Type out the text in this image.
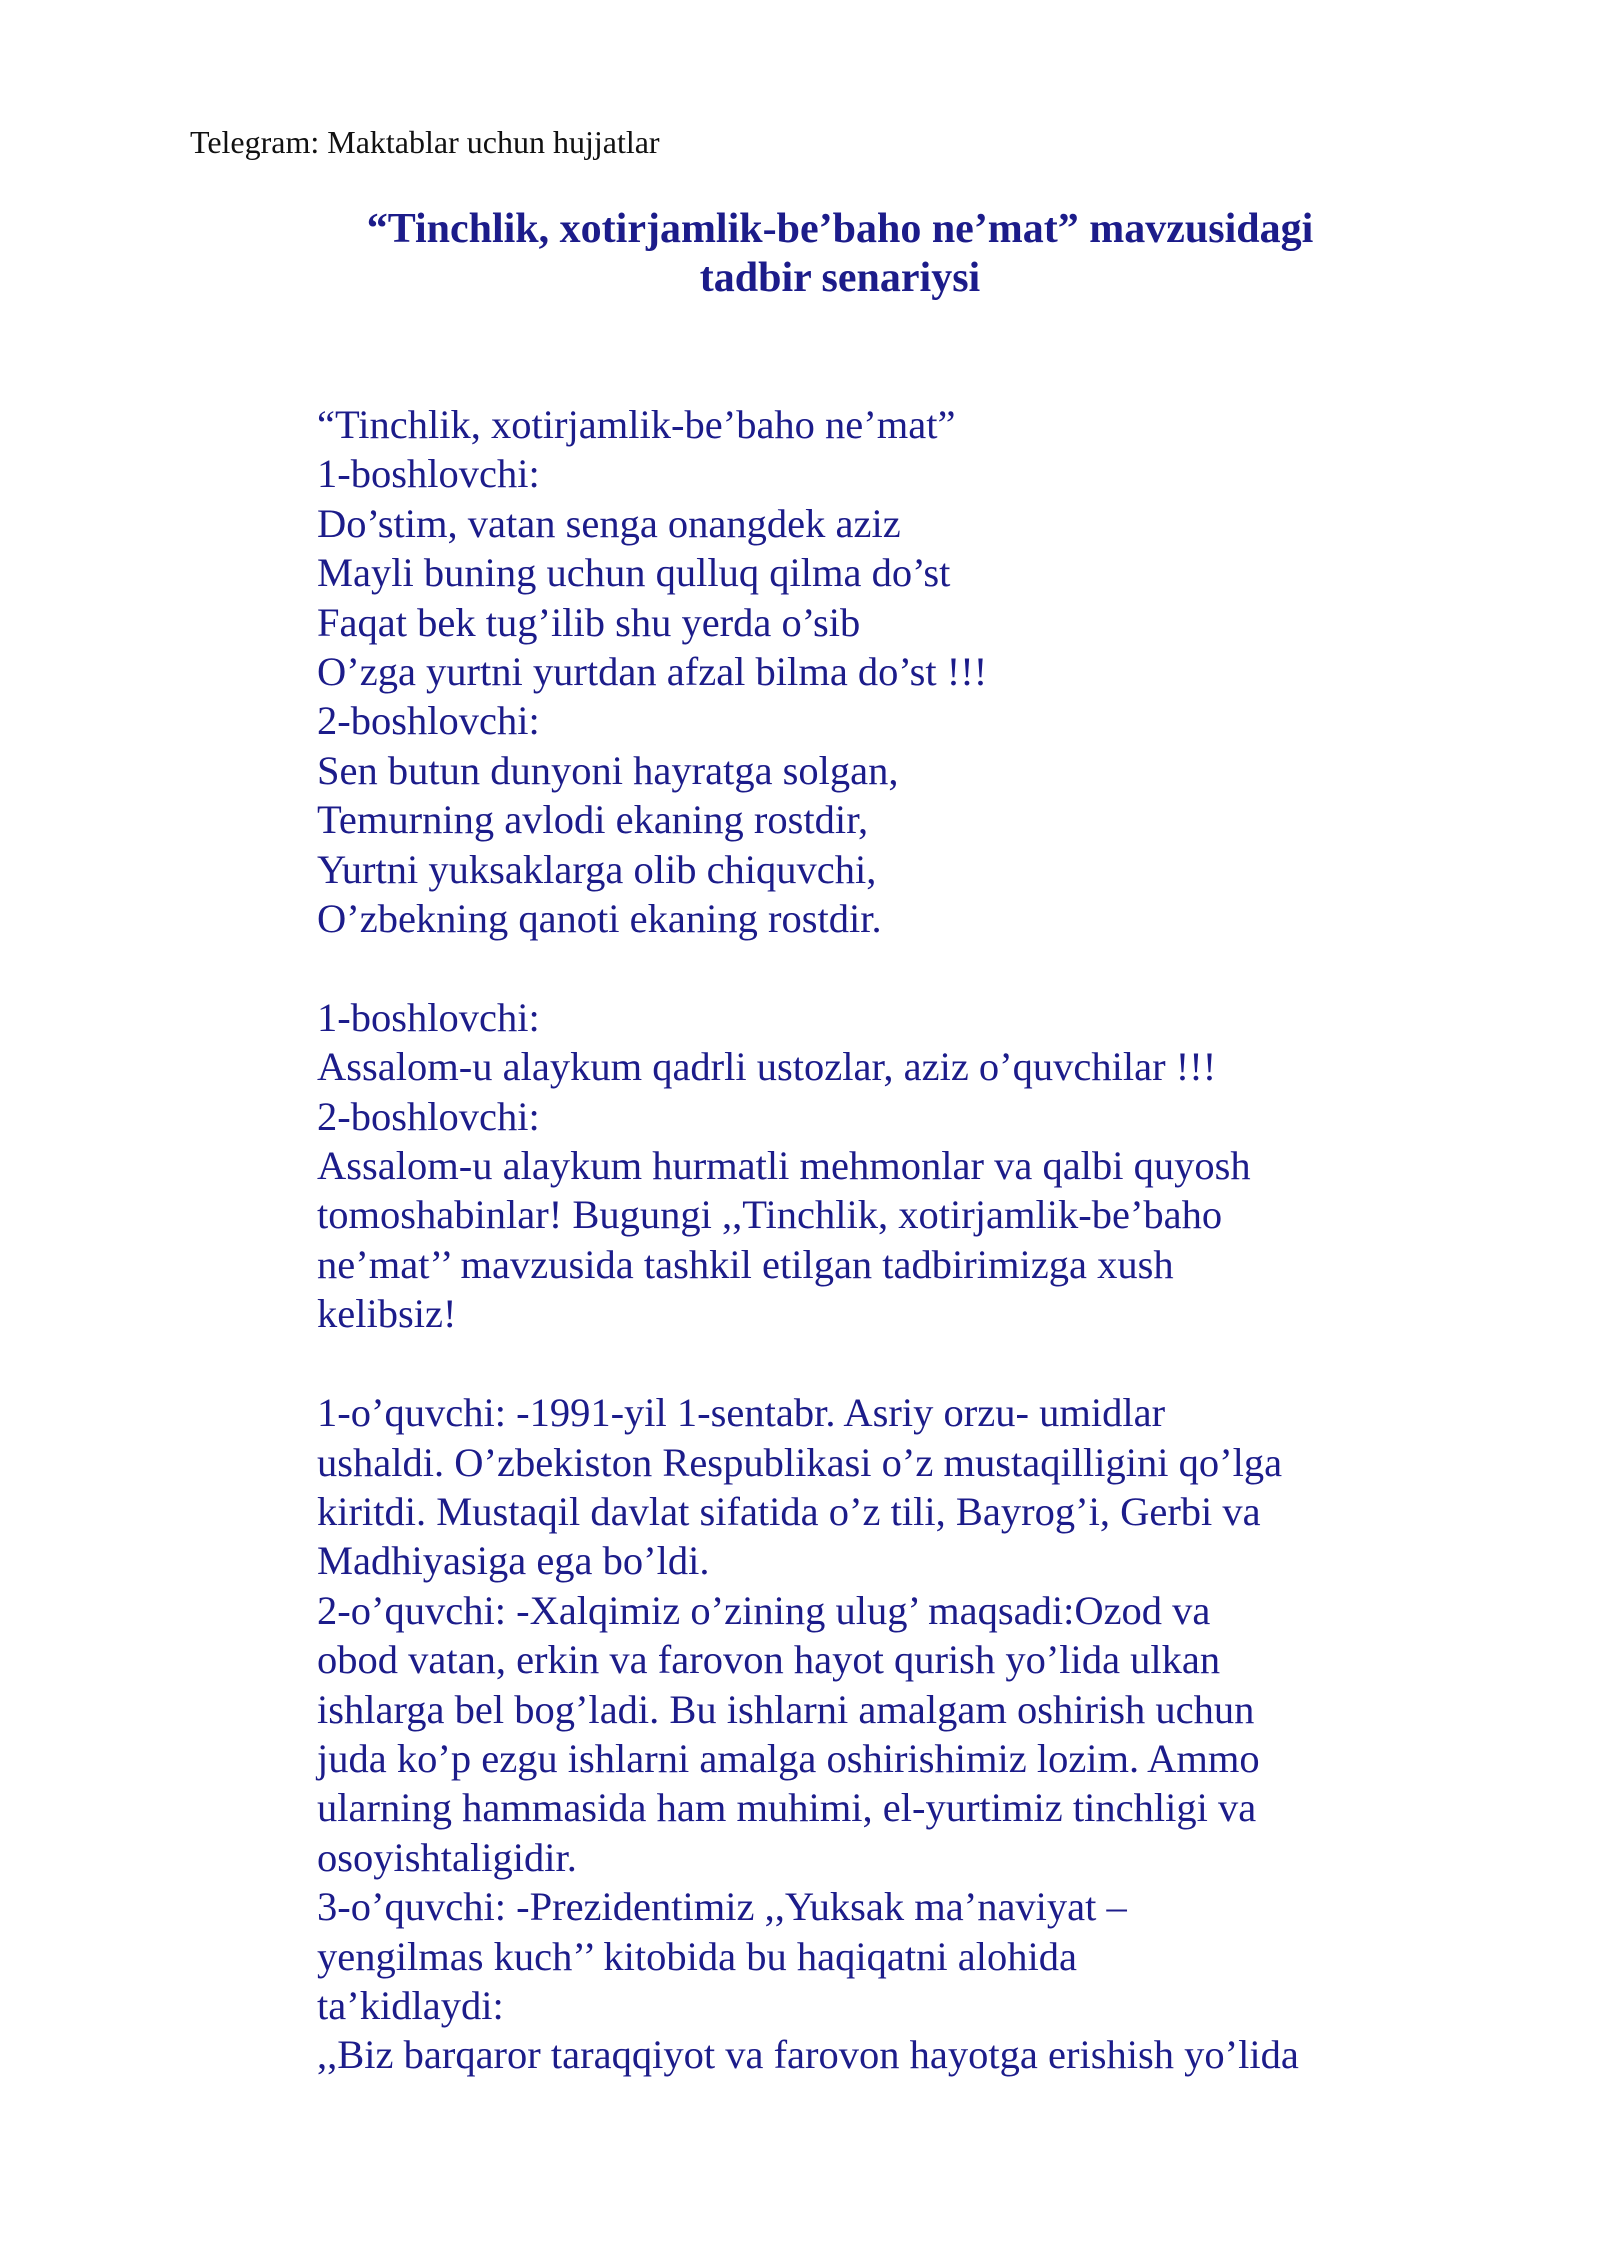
Telegram: Maktablar uchun hujjatlar
“Tinchlik, xotirjamlik-be’baho ne’mat” mavzusidagi
tadbir senariysi
“Tinchlik, xotirjamlik-be’baho ne’mat”
1-boshlovchi:
Do’stim, vatan senga onangdek aziz
Mayli buning uchun qulluq qilma do’st
Faqat bek tug’ilib shu yerda o’sib
O’zga yurtni yurtdan afzal bilma do’st !!!
2-boshlovchi:
Sen butun dunyoni hayratga solgan,
Temurning avlodi ekaning rostdir,
Yurtni yuksaklarga olib chiquvchi,
O’zbekning qanoti ekaning rostdir.
1-boshlovchi:
Assalom-u alaykum qadrli ustozlar, aziz o’quvchilar !!!
2-boshlovchi:
Assalom-u alaykum hurmatli mehmonlar va qalbi quyosh
tomoshabinlar! Bugungi ,,Tinchlik, xotirjamlik-be’baho
ne’mat’’ mavzusida tashkil etilgan tadbirimizga xush
kelibsiz!
1-o’quvchi: -1991-yil 1-sentabr. Asriy orzu- umidlar
ushaldi. O’zbekiston Respublikasi o’z mustaqilligini qo’lga
kiritdi. Mustaqil davlat sifatida o’z tili, Bayrog’i, Gerbi va
Madhiyasiga ega bo’ldi.
2-o’quvchi: -Xalqimiz o’zining ulug’ maqsadi:Ozod va
obod vatan, erkin va farovon hayot qurish yo’lida ulkan
ishlarga bel bog’ladi. Bu ishlarni amalgam oshirish uchun
juda ko’p ezgu ishlarni amalga oshirishimiz lozim. Ammo
ularning hammasida ham muhimi, el-yurtimiz tinchligi va
osoyishtaligidir.
3-o’quvchi: -Prezidentimiz ,,Yuksak ma’naviyat –
yengilmas kuch’’ kitobida bu haqiqatni alohida
ta’kidlaydi:
,,Biz barqaror taraqqiyot va farovon hayotga erishish yo’lida
